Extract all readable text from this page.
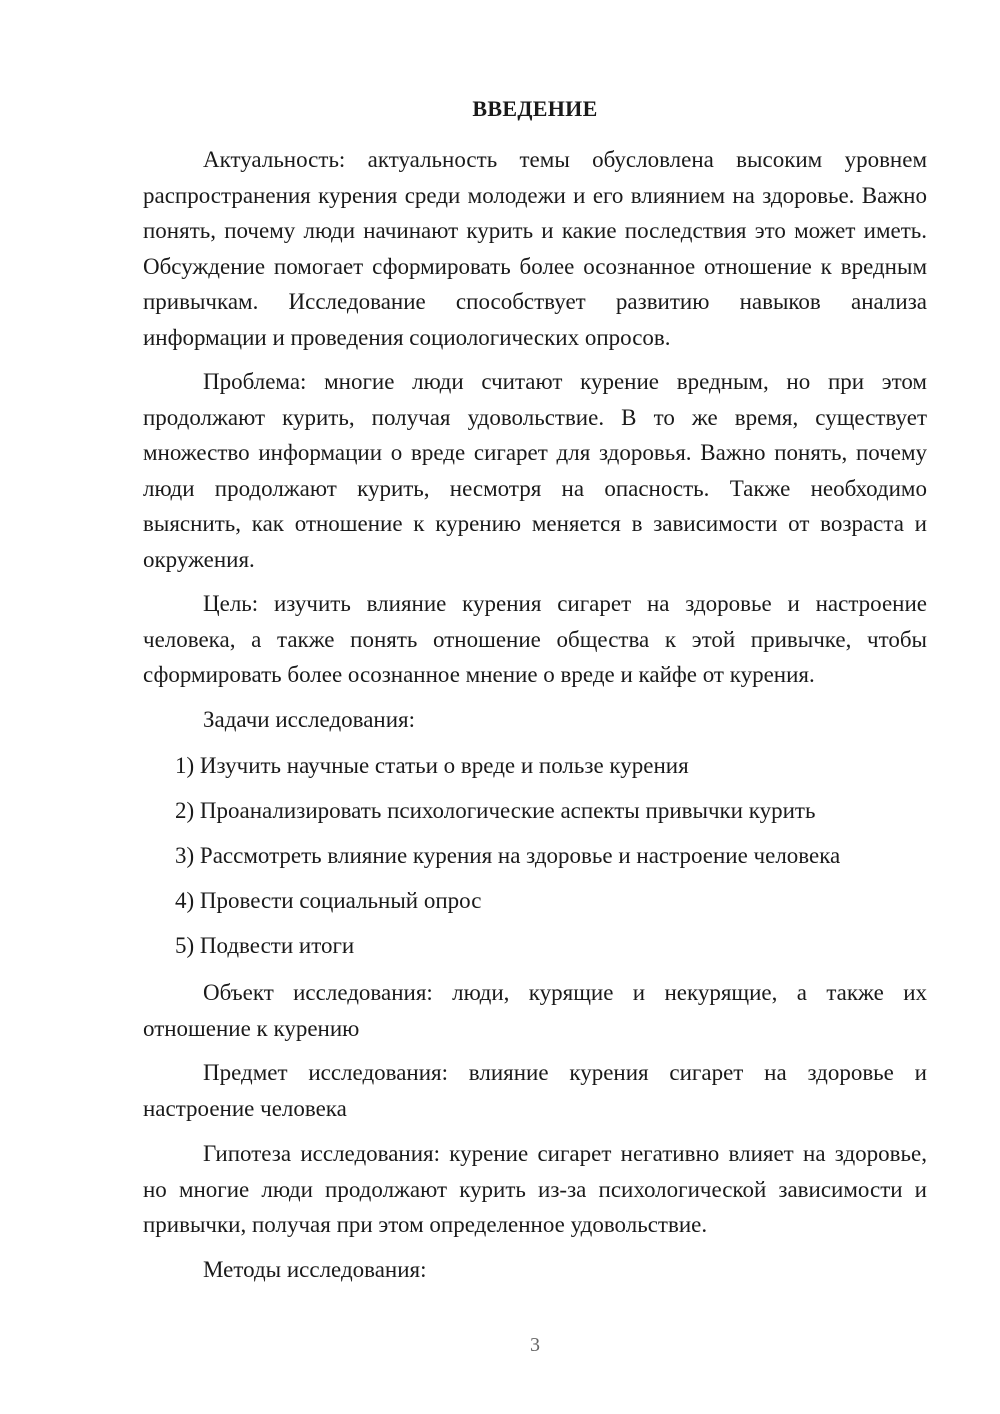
ВВЕДЕНИЕ

Актуальность: актуальность темы обусловлена высоким уровнем распространения курения среди молодежи и его влиянием на здоровье. Важно понять, почему люди начинают курить и какие последствия это может иметь. Обсуждение помогает сформировать более осознанное отношение к вредным привычкам. Исследование способствует развитию навыков анализа информации и проведения социологических опросов.

Проблема: многие люди считают курение вредным, но при этом продолжают курить, получая удовольствие. В то же время, существует множество информации о вреде сигарет для здоровья. Важно понять, почему люди продолжают курить, несмотря на опасность. Также необходимо выяснить, как отношение к курению меняется в зависимости от возраста и окружения.

Цель: изучить влияние курения сигарет на здоровье и настроение человека, а также понять отношение общества к этой привычке, чтобы сформировать более осознанное мнение о вреде и кайфе от курения.

Задачи исследования:

1) Изучить научные статьи о вреде и пользе курения

2) Проанализировать психологические аспекты привычки курить

3) Рассмотреть влияние курения на здоровье и настроение человека

4) Провести социальный опрос

5) Подвести итоги

Объект исследования: люди, курящие и некурящие, а также их отношение к курению

Предмет исследования: влияние курения сигарет на здоровье и настроение человека

Гипотеза исследования: курение сигарет негативно влияет на здоровье, но многие люди продолжают курить из-за психологической зависимости и привычки, получая при этом определенное удовольствие.

Методы исследования:

3
